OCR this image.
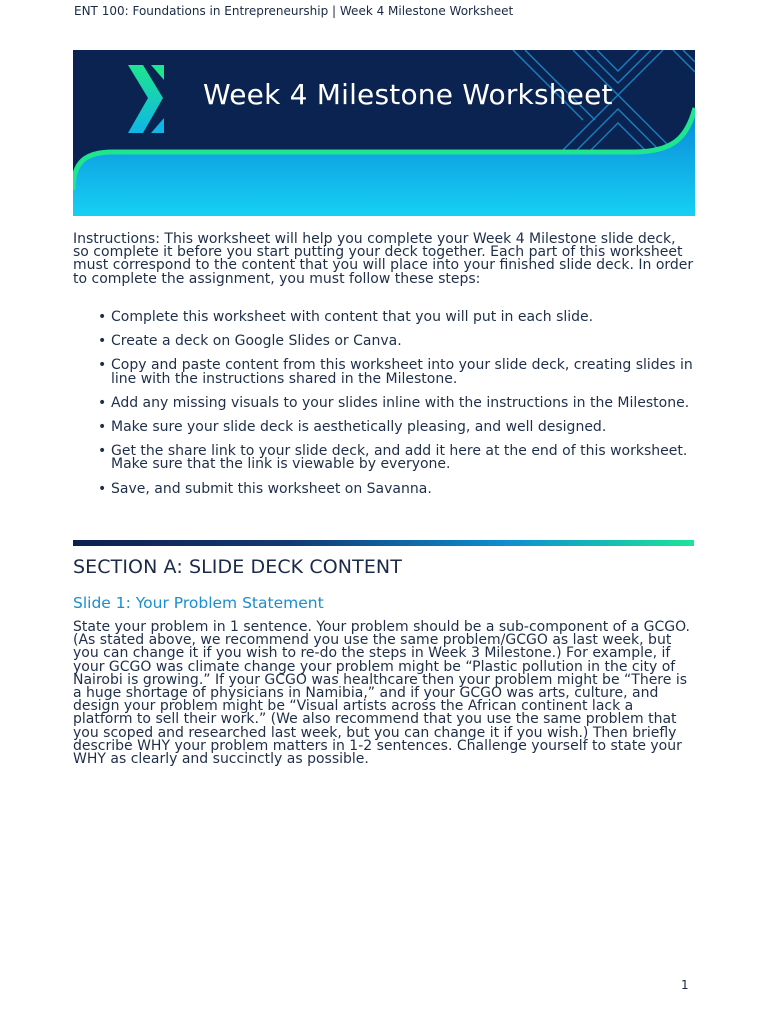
ENT 100: Foundations in Entrepreneurship | Week 4 Milestone Worksheet
Week 4 Milestone Worksheet
Instructions: This worksheet will help you complete your Week 4 Milestone slide deck, so complete it before you start putting your deck together. Each part of this worksheet must correspond to the content that you will place into your finished slide deck. In order to complete the assignment, you must follow these steps:
• Complete this worksheet with content that you will put in each slide.
• Create a deck on Google Slides or Canva.
• Copy and paste content from this worksheet into your slide deck, creating slides in line with the instructions shared in the Milestone.
• Add any missing visuals to your slides inline with the instructions in the Milestone.
• Make sure your slide deck is aesthetically pleasing, and well designed.
• Get the share link to your slide deck, and add it here at the end of this worksheet. Make sure that the link is viewable by everyone.
• Save, and submit this worksheet on Savanna.
SECTION A: SLIDE DECK CONTENT
Slide 1: Your Problem Statement
State your problem in 1 sentence. Your problem should be a sub-component of a GCGO. (As stated above, we recommend you use the same problem/GCGO as last week, but you can change it if you wish to re-do the steps in Week 3 Milestone.) For example, if your GCGO was climate change your problem might be “Plastic pollution in the city of Nairobi is growing.” If your GCGO was healthcare then your problem might be “There is a huge shortage of physicians in Namibia,” and if your GCGO was arts, culture, and design your problem might be “Visual artists across the African continent lack a platform to sell their work.” (We also recommend that you use the same problem that you scoped and researched last week, but you can change it if you wish.) Then briefly describe WHY your problem matters in 1-2 sentences. Challenge yourself to state your WHY as clearly and succinctly as possible.
1
